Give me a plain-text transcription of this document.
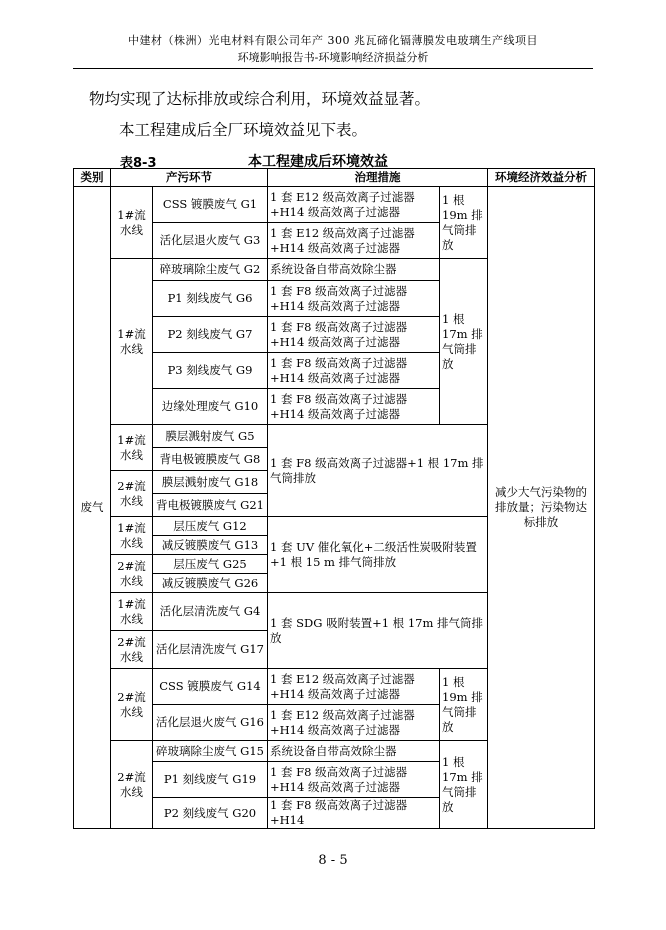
中建材（株洲）光电材料有限公司年产 300 兆瓦碲化镉薄膜发电玻璃生产线项目
环境影响报告书-环境影响经济损益分析
物均实现了达标排放或综合利用，环境效益显著。
本工程建成后全厂环境效益见下表。
表8-3	本工程建成后环境效益
类别	产污环节		治理措施		环境经济效益分析
废气	1#流水线	CSS 镀膜废气 G1	1 套 E12 级高效离子过滤器+H14 级高效离子过滤器	1 根 19m 排气筒排放	减少大气污染物的排放量；污染物达标排放
		活化层退火废气 G3	1 套 E12 级高效离子过滤器+H14 级高效离子过滤器		
	1#流水线	碎玻璃除尘废气 G2	系统设备自带高效除尘器	1 根 17m 排气筒排放	
		P1 刻线废气 G6	1 套 F8 级高效离子过滤器+H14 级高效离子过滤器		
		P2 刻线废气 G7	1 套 F8 级高效离子过滤器+H14 级高效离子过滤器		
		P3 刻线废气 G9	1 套 F8 级高效离子过滤器+H14 级高效离子过滤器		
		边缘处理废气 G10	1 套 F8 级高效离子过滤器+H14 级高效离子过滤器		
	1#流水线	膜层溅射废气 G5	1 套 F8 级高效离子过滤器+1 根 17m 排气筒排放		
		背电极镀膜废气 G8			
	2#流水线	膜层溅射废气 G18			
		背电极镀膜废气 G21			
	1#流水线	层压废气 G12	1 套 UV 催化氧化+二级活性炭吸附装置+1 根 15 m 排气筒排放		
		减反镀膜废气 G13			
	2#流水线	层压废气 G25			
		减反镀膜废气 G26			
	1#流水线	活化层清洗废气 G4	1 套 SDG 吸附装置+1 根 17m 排气筒排放		
	2#流水线	活化层清洗废气 G17			
	2#流水线	CSS 镀膜废气 G14	1 套 E12 级高效离子过滤器+H14 级高效离子过滤器	1 根 19m 排气筒排放	
		活化层退火废气 G16	1 套 E12 级高效离子过滤器+H14 级高效离子过滤器		
	2#流水线	碎玻璃除尘废气 G15	系统设备自带高效除尘器	1 根 17m 排气筒排放	
		P1 刻线废气 G19	1 套 F8 级高效离子过滤器+H14 级高效离子过滤器		
		P2 刻线废气 G20	1 套 F8 级高效离子过滤器+H14		
8 - 5
